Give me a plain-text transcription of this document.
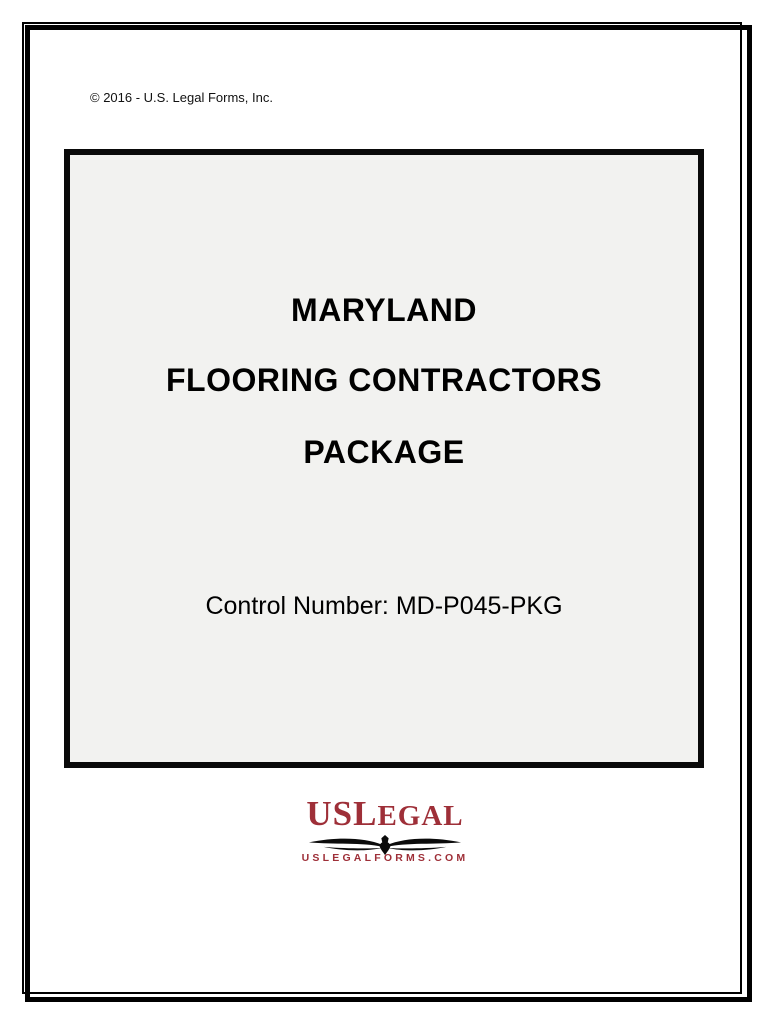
© 2016 - U.S. Legal Forms, Inc.
MARYLAND
FLOORING CONTRACTORS
PACKAGE
Control Number: MD-P045-PKG
USLEGAL
USLEGALFORMS.COM
